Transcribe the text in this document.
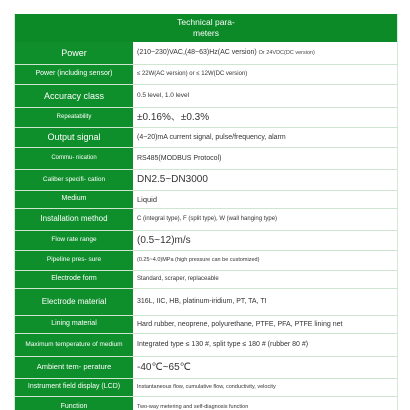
Technical para-
meters
Power	(210~230)VAC,(48~63)Hz(AC version) Or 24VDC(DC version)
Power (including sensor)	≤ 22W(AC version) or ≤ 12W(DC version)
Accuracy class	0.5 level, 1.0 level
Repeatability	±0.16%、±0.3%
Output signal	(4~20)mA current signal, pulse/frequency, alarm
Commu- nication	RS485(MODBUS Protocol)
Caliber specifi- cation	DN2.5~DN3000
Medium	Liquid
Installation method	C (integral type), F (split type), W (wall hanging type)
Flow rate range	(0.5~12)m/s
Pipeline pres- sure	(0.25~4.0)MPa (high pressure can be customized)
Electrode form	Standard, scraper, replaceable
Electrode material	316L, IIC, HB, platinum-iridium, PT, TA, TI
Lining material	Hard rubber, neoprene, polyurethane, PTFE, PFA, PTFE lining net
Maximum temperature of medium	Integrated type ≤ 130 #, split type ≤ 180 # (rubber 80 #)
Ambient tem- perature	-40℃~65℃
Instrument field display (LCD)	Instantaneous flow, cumulative flow, conductivity, velocity
Function	Two-way metering and self-diagnosis function
